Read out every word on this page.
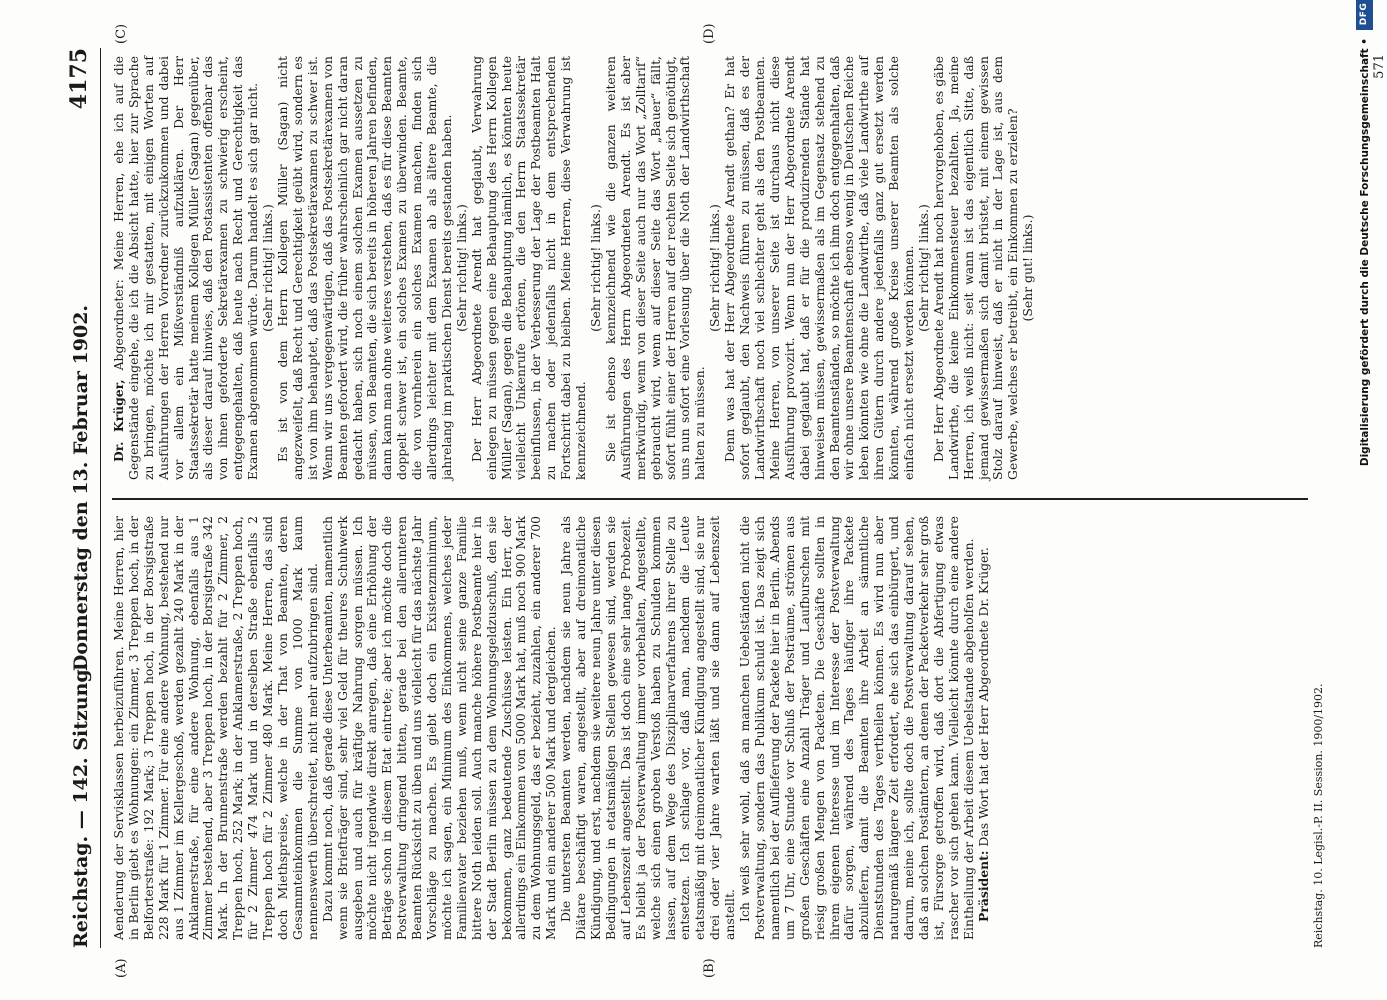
Reichstag. — 142. Sitzung.
Donnerstag den 13. Februar 1902.
4175
(A)	(B)
(C)	(D)

Aenderung der Servisklassen herbeizuführen. Meine Herren, hier in Berlin giebt es Wohnungen: ein Zimmer, 3 Treppen hoch, in der Belforterstraße: 192 Mark; 3 Treppen hoch, in der Borsigstraße 228 Mark für 1 Zimmer. Für eine andere Wohnung, bestehend nur aus 1 Zimmer im Kellergeschoß, werden gezahlt 240 Mark in der Anklamerstraße, für eine andere Wohnung, ebenfalls aus 1 Zimmer bestehend, aber 3 Treppen hoch, in der Borsigstraße 342 Mark. In der Brunnenstraße werden bezahlt für 2 Zimmer, 2 Treppen hoch, 252 Mark; in der Anklamerstraße, 2 Treppen hoch, für 2 Zimmer 474 Mark und in derselben Straße ebenfalls 2 Treppen hoch für 2 Zimmer 480 Mark. Meine Herren, das sind doch Miethspreise, welche in der That von Beamten, deren Gesammteinkommen die Summe von 1000 Mark kaum nennenswerth überschreitet, nicht mehr aufzubringen sind. Dazu kommt noch, daß gerade diese Unterbeamten, namentlich wenn sie Briefträger sind, sehr viel Geld für theures Schuhwerk ausgeben und auch für kräftige Nahrung sorgen müssen. Ich möchte nicht irgendwie direkt anregen, daß eine Erhöhung der Beträge schon in diesem Etat eintrete; aber ich möchte doch die Postverwaltung dringend bitten, gerade bei den allerunteren Beamten Rücksicht zu üben und uns vielleicht für das nächste Jahr Vorschläge zu machen. Es giebt doch ein Existenzminimum, möchte ich sagen, ein Minimum des Einkommens, welches jeder Familienvater beziehen muß, wenn nicht seine ganze Familie bittere Noth leiden soll. Auch manche höhere Postbeamte hier in der Stadt Berlin müssen zu dem Wohnungsgeldzuschuß, den sie bekommen, ganz bedeutende Zuschüsse leisten. Ein Herr, der allerdings ein Einkommen von 5000 Mark hat, muß noch 900 Mark zu dem Wohnungsgeld, das er bezieht, zuzahlen, ein anderer 700 Mark und ein anderer 500 Mark und dergleichen. Die untersten Beamten werden, nachdem sie neun Jahre als Diätare beschäftigt waren, angestellt, aber auf dreimonatliche Kündigung, und erst, nachdem sie weitere neun Jahre unter diesen Bedingungen in etatsmäßigen Stellen gewesen sind, werden sie auf Lebenszeit angestellt. Das ist doch eine sehr lange Probezeit. Es bleibt ja der Postverwaltung immer vorbehalten, Angestellte, welche sich einen groben Verstoß haben zu Schulden kommen lassen, auf dem Wege des Disziplinarverfahrens ihrer Stelle zu entsetzen. Ich schlage vor, daß man, nachdem die Leute etatsmäßig mit dreimonatlicher Kündigung angestellt sind, sie nur drei oder vier Jahre warten läßt und sie dann auf Lebenszeit anstellt. Ich weiß sehr wohl, daß an manchen Uebelständen nicht die Postverwaltung, sondern das Publikum schuld ist. Das zeigt sich namentlich bei der Auflieferung der Packete hier in Berlin. Abends um 7 Uhr, eine Stunde vor Schluß der Posträume, strömen aus großen Geschäften eine Anzahl Träger und Laufburschen mit riesig großen Mengen von Packeten. Die Geschäfte sollten in ihrem eigenen Interesse und im Interesse der Postverwaltung dafür sorgen, während des Tages häufiger ihre Packete abzuliefern, damit die Beamten ihre Arbeit an sämmtliche Dienststunden des Tages vertheilen können. Es wird nun aber naturgemäß längere Zeit erfordert, ehe sich das einbürgert, und darum, meine ich, sollte doch die Postverwaltung darauf sehen, daß an solchen Postämtern, an denen der Packetverkehr sehr groß ist, Fürsorge getroffen wird, daß dort die Abfertigung etwas rascher vor sich gehen kann. Vielleicht könnte durch eine andere Eintheilung der Arbeit diesem Uebelstande abgeholfen werden. Präsident: Das Wort hat der Herr Abgeordnete Dr. Krüger.

Dr. Krüger, Abgeordneter: Meine Herren, ehe ich auf die Gegenstände eingehe, die ich die Absicht hatte, hier zur Sprache zu bringen, möchte ich mir gestatten, mit einigen Worten auf Ausführungen der Herren Vorredner zurückzukommen und dabei vor allem ein Mißverständniß aufzuklären. Der Herr Staatssekretär hatte meinem Kollegen Müller (Sagan) gegenüber, als dieser darauf hinwies, daß den Postassistenten offenbar das von ihnen geforderte Sekretärexamen zu schwierig erscheint, entgegengehalten, daß heute nach Recht und Gerechtigkeit das Examen abgenommen würde. Darum handelt es sich gar nicht. (Sehr richtig! links.) Es ist von dem Herrn Kollegen Müller (Sagan) nicht angezweifelt, daß Recht und Gerechtigkeit geübt wird, sondern es ist von ihm behauptet, daß das Postsekretärexamen zu schwer ist. Wenn wir uns vergegenwärtigen, daß das Postsekretärexamen von Beamten gefordert wird, die früher wahrscheinlich gar nicht daran gedacht haben, sich noch einem solchen Examen aussetzen zu müssen, von Beamten, die sich bereits in höheren Jahren befinden, dann kann man ohne weiteres verstehen, daß es für diese Beamten doppelt schwer ist, ein solches Examen zu überwinden. Beamte, die von vornherein ein solches Examen machen, finden sich allerdings leichter mit dem Examen ab als ältere Beamte, die jahrelang im praktischen Dienst bereits gestanden haben. (Sehr richtig! links.) Der Herr Abgeordnete Arendt hat geglaubt, Verwahrung einlegen zu müssen gegen eine Behauptung des Herrn Kollegen Müller (Sagan), gegen die Behauptung nämlich, es könnten heute vielleicht Unkenrufe ertönen, die den Herrn Staatssekretär beeinflussen, in der Verbesserung der Lage der Postbeamten Halt zu machen oder jedenfalls nicht in dem entsprechenden Fortschritt dabei zu bleiben. Meine Herren, diese Verwahrung ist kennzeichnend.

(Sehr richtig! links.) Sie ist ebenso kennzeichnend wie die ganzen weiteren Ausführungen des Herrn Abgeordneten Arendt. Es ist aber merkwürdig, wenn von dieser Seite auch nur das Wort „Zolltarif“ gebraucht wird, wenn auf dieser Seite das Wort „Bauer“ fällt, sofort fühlt einer der Herren auf der rechten Seite sich genöthigt, uns nun sofort eine Vorlesung über die Noth der Landwirthschaft halten zu müssen.

(Sehr richtig! links.) Denn was hat der Herr Abgeordnete Arendt gethan? Er hat sofort geglaubt, den Nachweis führen zu müssen, daß es der Landwirthschaft noch viel schlechter geht als den Postbeamten. Meine Herren, von unserer Seite ist durchaus nicht diese Ausführung provozirt. Wenn nun der Herr Abgeordnete Arendt dabei geglaubt hat, daß er für die produzirenden Stände hat hinweisen müssen, gewissermaßen als im Gegensatz stehend zu den Beamtenständen, so möchte ich ihm doch entgegenhalten, daß wir ohne unsere Beamtenschaft ebenso wenig in Deutschen Reiche leben könnten wie ohne die Landwirthe, daß viele Landwirthe auf ihren Gütern durch andere jedenfalls ganz gut ersetzt werden könnten, während große Kreise unserer Beamten als solche einfach nicht ersetzt werden können. (Sehr richtig! links.) Der Herr Abgeordnete Arendt hat noch hervorgehoben, es gäbe Landwirthe, die keine Einkommensteuer bezahlten. Ja, meine Herren, ich weiß nicht: seit wann ist das eigentlich Sitte, daß jemand gewissermaßen sich damit brüstet, mit einem gewissen Stolz darauf hinweist, daß er nicht in der Lage ist, aus dem Gewerbe, welches er betreibt, ein Einkommen zu erzielen? (Sehr gut! links.)

Reichstag. 10. Legisl.-P. II. Session. 1900/1902.
571
Digitalisierung gefördert durch die Deutsche Forschungsgemeinschaft •
DFG
